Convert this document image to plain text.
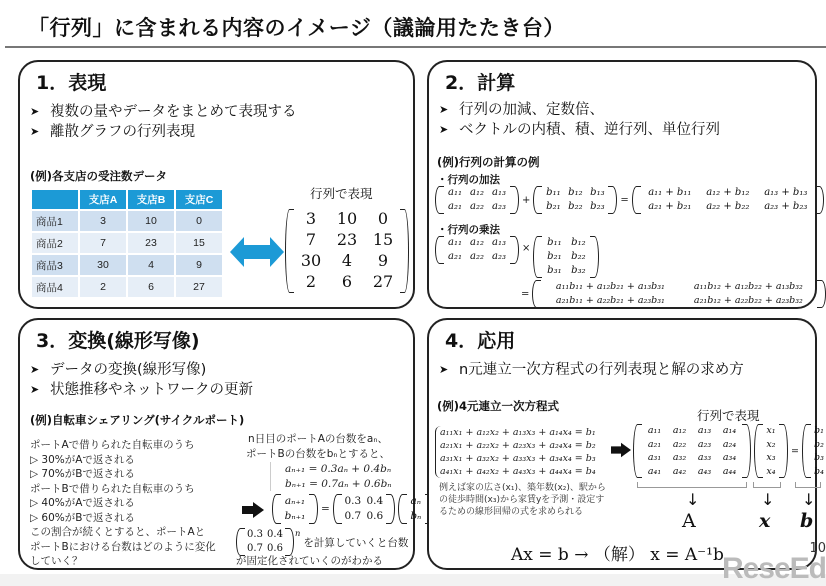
「行列」に含まれる内容のイメージ（議論用たたき台）
1．表現
➤ 複数の量やデータをまとめて表現する
➤ 離散グラフの行列表現
(例)各支店の受注数データ
	支店A	支店B	支店C
商品1	3	10	0
商品2	7	23	15
商品3	30	4	9
商品4	2	6	27
行列で表現
3	10	0
7	23 15
30	4	9
2	6	27
2．計算
➤ 行列の加減、定数倍、
➤ ベクトルの内積、積、逆行列、単位行列
(例)行列の計算の例
・行列の加法
a₁₁ a₁₂ a₁₃
a₂₁ a₂₂ a₂₃
+
b₁₁ b₁₂ b₁₃
b₂₁ b₂₂ b₂₃
=
a₁₁ + b₁₁	a₁₂ + b₁₂	a₁₃ + b₁₃
a₂₁ + b₂₁	a₂₂ + b₂₂	a₂₃ + b₂₃
・行列の乗法
a₁₁ a₁₂ a₁₃
a₂₁ a₂₂ a₂₃
×
b₁₁ b₁₂
b₂₁ b₂₂
b₃₁ b₃₂
=
a₁₁b₁₁ + a₁₂b₂₁ + a₁₃b₃₁	a₁₁b₁₂ + a₁₂b₂₂ + a₁₃b₃₂
a₂₁b₁₁ + a₂₂b₂₁ + a₂₃b₃₁	a₂₁b₁₂ + a₂₂b₂₂ + a₂₃b₃₂
3．変換(線形写像)
➤ データの変換(線形写像)
➤ 状態推移やネットワークの更新
(例)自転車シェアリング(サイクルポート)
ポートAで借りられた自転車のうち
▷ 30%がAで返される
▷ 70%がBで返される
ポートBで借りられた自転車のうち
▷ 40%がAで返される
▷ 60%がBで返される
この割合が続くとすると、ポートAと
ポートBにおける台数はどのように変化
していく？
n日目のポートAの台数をaₙ、
ポートBの台数をbₙとすると、
aₙ₊₁ = 0.3aₙ + 0.4bₙ
bₙ₊₁ = 0.7aₙ + 0.6bₙ
aₙ₊₁
bₙ₊₁
=
0.3 0.4
0.7 0.6
aₙ
bₙ
0.3 0.4
0.7 0.6
$^n$
を計算していくと台数
が固定化されていくのがわかる
4．応用
➤ n元連立一次方程式の行列表現と解の求め方
(例)4元連立一次方程式
行列で表現
a₁₁x₁ + a₁₂x₂ + a₁₃x₃ + a₁₄x₄ = b₁
a₂₁x₁ + a₂₂x₂ + a₂₃x₃ + a₂₄x₄ = b₂
a₃₁x₁ + a₃₂x₂ + a₃₃x₃ + a₃₄x₄ = b₃
a₄₁x₁ + a₄₂x₂ + a₄₃x₃ + a₄₄x₄ = b₄
例えば家の広さ(x₁)、築年数(x₂)、駅から
の徒歩時間(x₃)から家賃yを予測・設定す
るための線形回帰の式を求められる
a₁₁	a₁₂	a₁₃	a₁₄
a₂₁	a₂₂	a₂₃	a₂₄
a₃₁	a₃₂	a₃₃	a₃₄
a₄₁	a₄₂	a₄₃	a₄₄
x₁
x₂
x₃
x₄
=
b₁
b₂
b₃
b₄
↓	↓ ↓
A	x b
Ax = b → （解） x = A⁻¹b
ReseEd
10
